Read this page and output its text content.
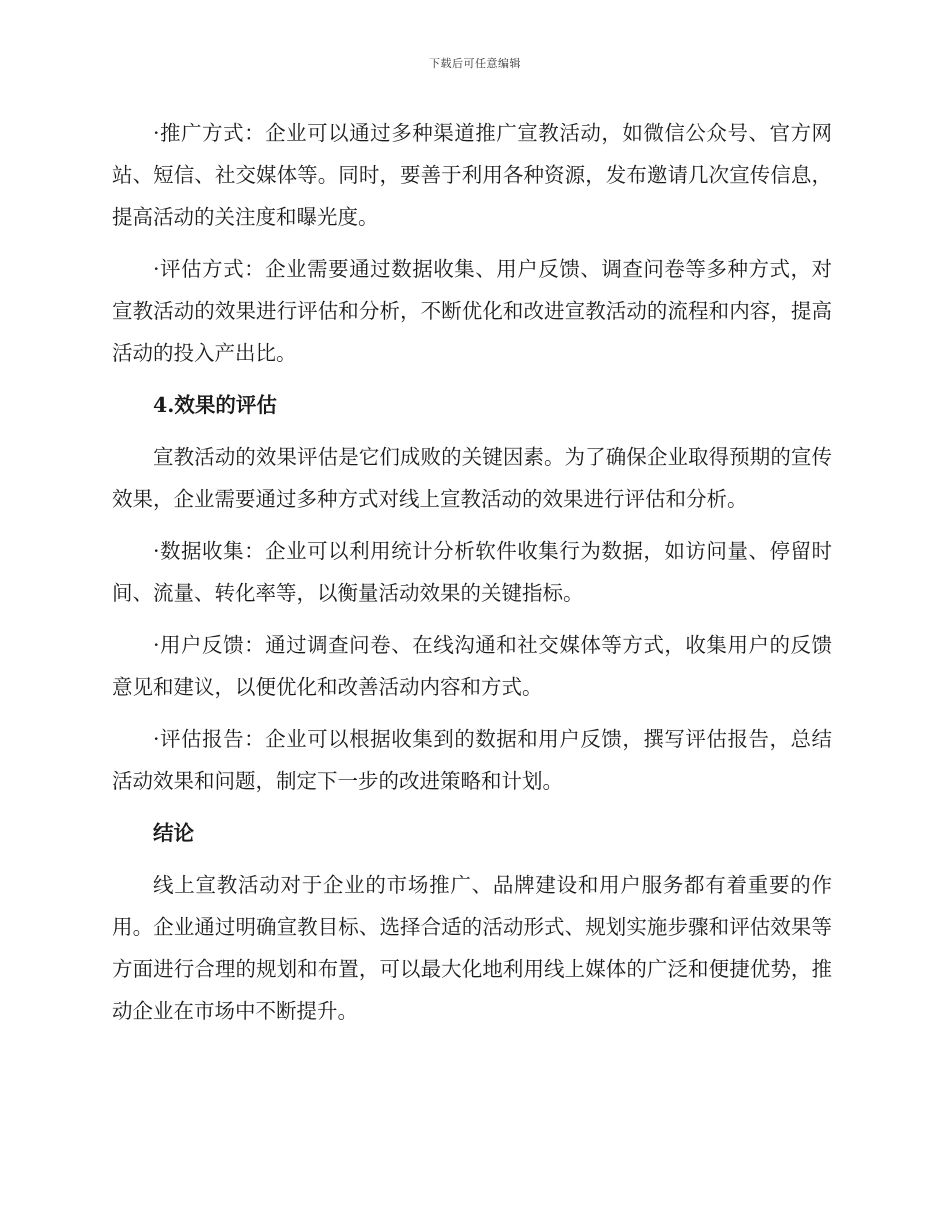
下载后可任意编辑

·推广方式：企业可以通过多种渠道推广宣教活动，如微信公众号、官方网站、短信、社交媒体等。同时，要善于利用各种资源，发布邀请几次宣传信息，提高活动的关注度和曝光度。

·评估方式：企业需要通过数据收集、用户反馈、调查问卷等多种方式，对宣教活动的效果进行评估和分析，不断优化和改进宣教活动的流程和内容，提高活动的投入产出比。

4.效果的评估

宣教活动的效果评估是它们成败的关键因素。为了确保企业取得预期的宣传效果，企业需要通过多种方式对线上宣教活动的效果进行评估和分析。

·数据收集：企业可以利用统计分析软件收集行为数据，如访问量、停留时间、流量、转化率等，以衡量活动效果的关键指标。

·用户反馈：通过调查问卷、在线沟通和社交媒体等方式，收集用户的反馈意见和建议，以便优化和改善活动内容和方式。

·评估报告：企业可以根据收集到的数据和用户反馈，撰写评估报告，总结活动效果和问题，制定下一步的改进策略和计划。

结论

线上宣教活动对于企业的市场推广、品牌建设和用户服务都有着重要的作用。企业通过明确宣教目标、选择合适的活动形式、规划实施步骤和评估效果等方面进行合理的规划和布置，可以最大化地利用线上媒体的广泛和便捷优势，推动企业在市场中不断提升。
